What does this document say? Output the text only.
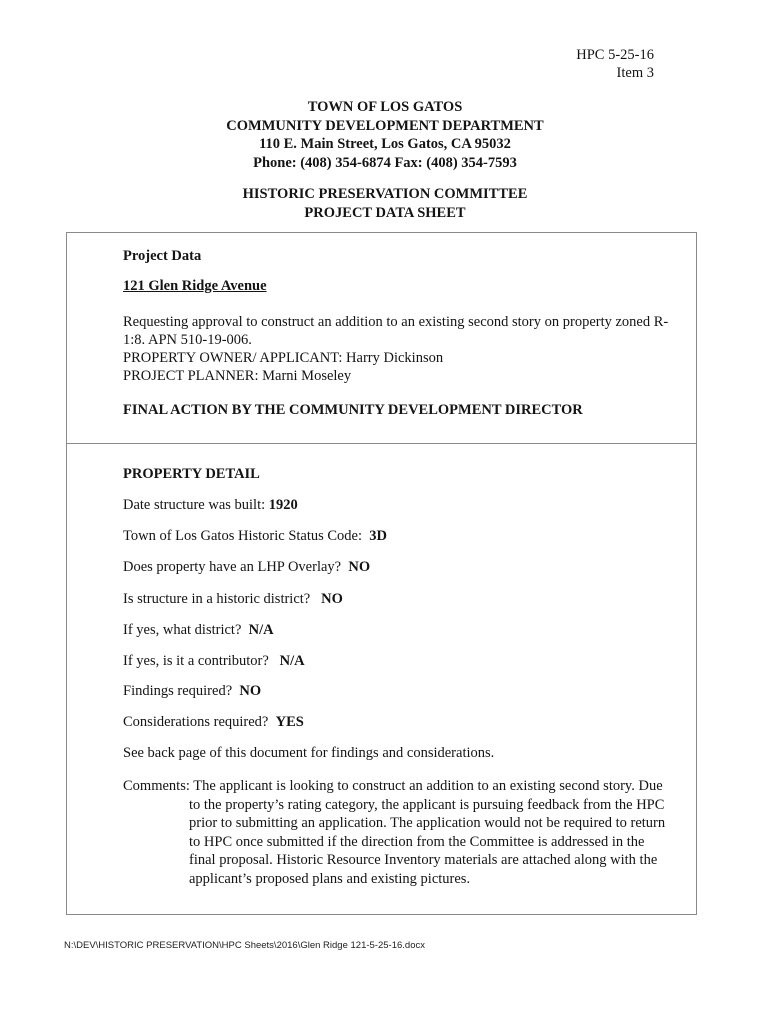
HPC 5-25-16
Item 3
TOWN OF LOS GATOS
COMMUNITY DEVELOPMENT DEPARTMENT
110 E. Main Street, Los Gatos, CA 95032
Phone: (408) 354-6874 Fax: (408) 354-7593
HISTORIC PRESERVATION COMMITTEE
PROJECT DATA SHEET
Project Data
121 Glen Ridge Avenue
Requesting approval to construct an addition to an existing second story on property zoned R-
1:8. APN 510-19-006.
PROPERTY OWNER/ APPLICANT: Harry Dickinson
PROJECT PLANNER: Marni Moseley
FINAL ACTION BY THE COMMUNITY DEVELOPMENT DIRECTOR
PROPERTY DETAIL
Date structure was built: 1920
Town of Los Gatos Historic Status Code: 3D
Does property have an LHP Overlay? NO
Is structure in a historic district? NO
If yes, what district? N/A
If yes, is it a contributor? N/A
Findings required? NO
Considerations required? YES
See back page of this document for findings and considerations.
Comments: The applicant is looking to construct an addition to an existing second story. Due
to the property’s rating category, the applicant is pursuing feedback from the HPC
prior to submitting an application. The application would not be required to return
to HPC once submitted if the direction from the Committee is addressed in the
final proposal. Historic Resource Inventory materials are attached along with the
applicant’s proposed plans and existing pictures.
N:\DEV\HISTORIC PRESERVATION\HPC Sheets\2016\Glen Ridge 121-5-25-16.docx
